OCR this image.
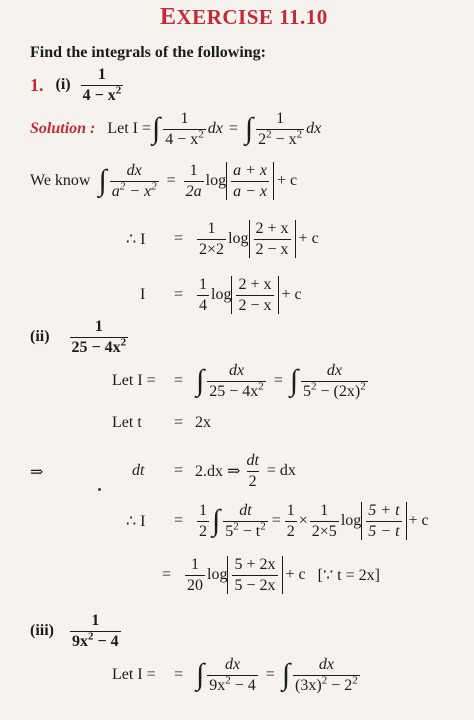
EXERCISE 11.10
Find the integrals of the following:
1. $(i) \frac{1}{4 - x^2}$
Solution : Let I = ∫ $\frac{1}{4 - x^2}$ dx = ∫ $\frac{1}{2^2 - x^2}$ dx
We know ∫ $\frac{dx}{a^2 - x^2} = \frac{1}{2a}$ $\log \frac{a + x}{a - x} + c$
∴ I	= $\frac{1}{2\times 2}$ $\log \frac{2 + x}{2 - x} + c$
I	= $\frac{1}{4}$ $\log \frac{2 + x}{2 - x} + c$
$(ii) \frac{1}{25 - 4x^2}$
Let I =	= ∫ $\frac{dx}{25 - 4x^2}$ = ∫ $\frac{dx}{5^2 - (2x)^2}$
Let t	= 2x
⇒	dt	= 2.dx ⇒ $\frac{dt}{2}$ = dx
∴ I	= $\frac{1}{2}$ ∫ $\frac{dt}{5^2 - t^2} = \frac{1}{2} \times \frac{1}{2\times 5}$ $\log \frac{5 + t}{5 - t} + c$
= $\frac{1}{20}$ $\log \frac{5 + 2x}{5 - 2x} + c$ [∵ t = 2x]
$(iii) \frac{1}{9x^2 - 4}$
Let I =	= ∫ $\frac{dx}{9x^2 - 4}$ = ∫ $\frac{dx}{(3x)^2 - 2^2}$
